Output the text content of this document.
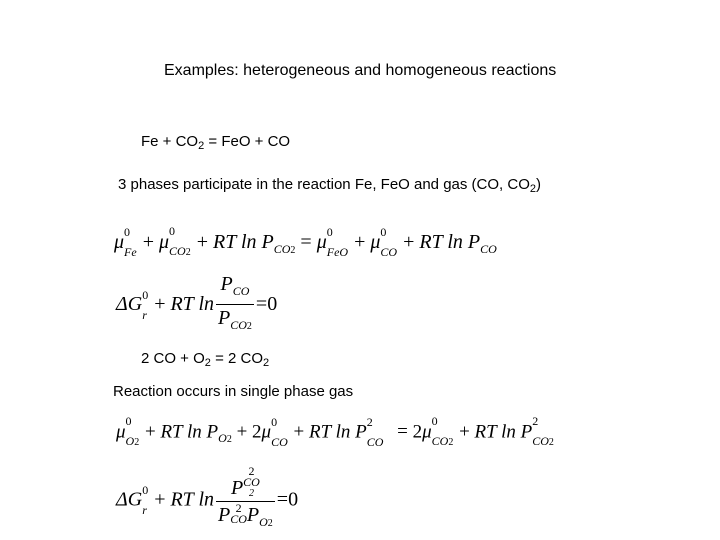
Examples: heterogeneous and homogeneous reactions
$Fe + CO_2$ = FeO + CO
3 phases participate in the reaction Fe, FeO and gas (CO, $CO_2$)
μ 0
Fe + μ 0
CO2 + RT $\ln P_{CO2} = \mu$ 0
FeO + μ 0
CO + RT $\ln P_{CO}$
ΔG 0
r + RT $\ln \frac{P_{CO}}{P_{CO2}} =0$
2 CO + $O_2 = 2$ $CO_2$
Reaction occurs in single phase gas
μ
0
O2
+ RT $\ln P_{O2} + 2\mu$ 0
CO + RT ln P 2
CO = 2μ
0
CO2
+ RT ln P
2
CO2
ΔG 0
r + RT ln P
2
CO
2
P 2
CO $P_{O2} =0$
